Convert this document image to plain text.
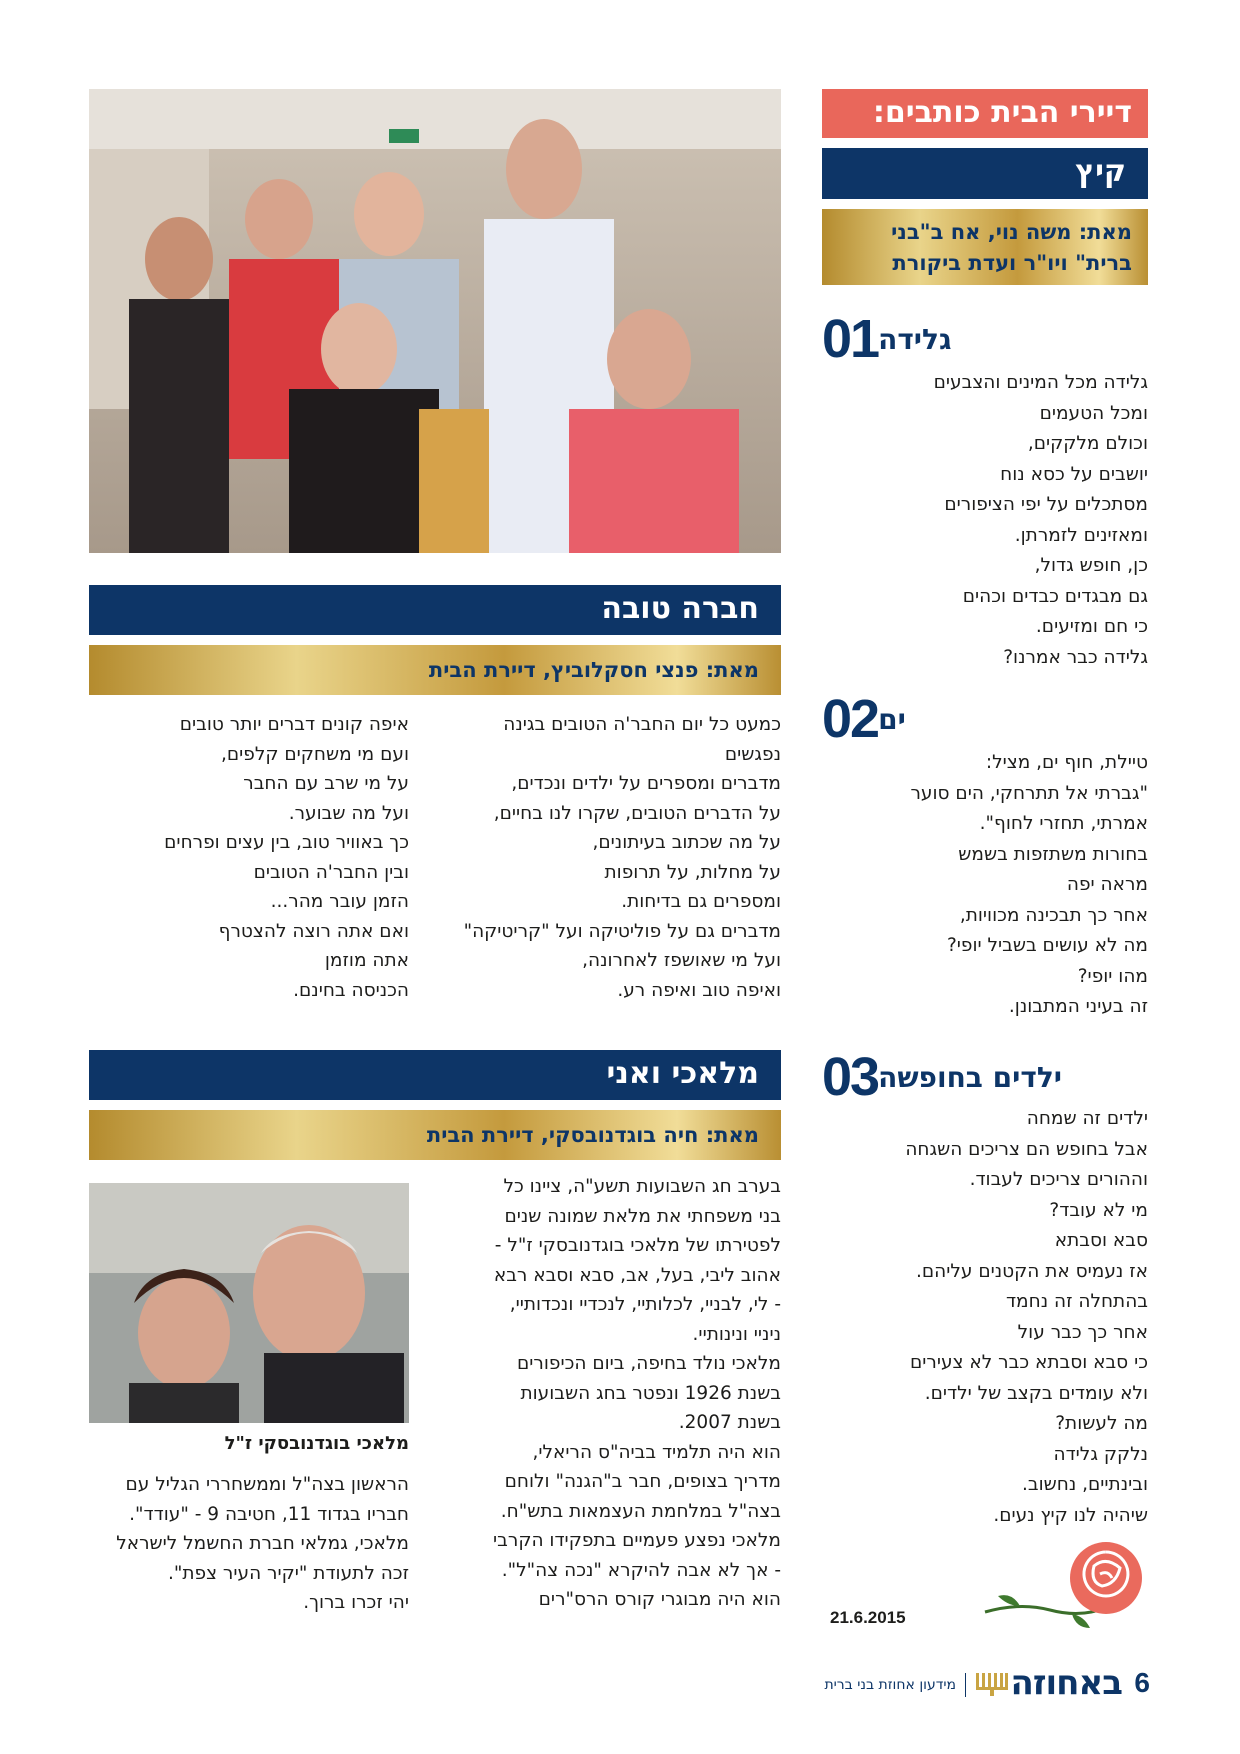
דיירי הבית כותבים:
קיץ
מאת: משה נוי, אח ב"בני ברית" ויו"ר ועדת ביקורת
01 גלידה
גלידה מכל המינים והצבעים
ומכל הטעמים
וכולם מלקקים,
יושבים על כסא נוח
מסתכלים על יפי הציפורים
ומאזינים לזמרתן.
כן, חופש גדול,
גם מבגדים כבדים וכהים
כי חם ומזיעים.
גלידה כבר אמרנו?
02 ים
טיילת, חוף ים, מציל:
"גברתי אל תתרחקי, הים סוער
אמרתי, תחזרי לחוף".
בחורות משתזפות בשמש
מראה יפה
אחר כך תבכינה מכוויות,
מה לא עושים בשביל יופי?
מהו יופי?
זה בעיני המתבונן.
03 ילדים בחופשה
ילדים זה שמחה
אבל בחופש הם צריכים השגחה
וההורים צריכים לעבוד.
מי לא עובד?
סבא וסבתא
אז נעמיס את הקטנים עליהם.
בהתחלה זה נחמד
אחר כך כבר עול
כי סבא וסבתא כבר לא צעירים
ולא עומדים בקצב של ילדים.
מה לעשות?
נלקק גלידה
ובינתיים, נחשוב.
שיהיה לנו קיץ נעים.
21.6.2015
חברה טובה
מאת: פנצי חסקלוביץ, דיירת הבית
כמעט כל יום החבר'ה הטובים בגינה
נפגשים
מדברים ומספרים על ילדים ונכדים,
על הדברים הטובים, שקרו לנו בחיים,
על מה שכתוב בעיתונים,
על מחלות, על תרופות
ומספרים גם בדיחות.
מדברים גם על פוליטיקה ועל "קריטיקה"
ועל מי שאושפז לאחרונה,
ואיפה טוב ואיפה רע.
איפה קונים דברים יותר טובים
ועם מי משחקים קלפים,
על מי שרב עם החבר
ועל מה שבוער.
כך באוויר טוב, בין עצים ופרחים
ובין החבר'ה הטובים
הזמן עובר מהר...
ואם אתה רוצה להצטרף
אתה מוזמן
הכניסה בחינם.
מלאכי ואני
מאת: חיה בוגדנובסקי, דיירת הבית
בערב חג השבועות תשע"ה, ציינו כל
בני משפחתי את מלאת שמונה שנים
לפטירתו של מלאכי בוגדנובסקי ז"ל -
אהוב ליבי, בעל, אב, סבא וסבא רבא
- לי, לבניי, לכלותיי, לנכדיי ונכדותיי,
ניניי ונינותיי.
מלאכי נולד בחיפה, ביום הכיפורים
בשנת 1926 ונפטר בחג השבועות
בשנת 2007.
הוא היה תלמיד בביה"ס הריאלי,
מדריך בצופים, חבר ב"הגנה" ולוחם
בצה"ל במלחמת העצמאות בתש"ח.
מלאכי נפצע פעמיים בתפקידו הקרבי
- אך לא אבה להיקרא "נכה צה"ל".
הוא היה מבוגרי קורס הרס"רים
מלאכי בוגדנובסקי ז"ל
הראשון בצה"ל וממשחררי הגליל עם
חבריו בגדוד 11, חטיבה 9 - "עודד".
מלאכי, גמלאי חברת החשמל לישראל
זכה לתעודת "יקיר העיר צפת".
יהי זכרו ברוך.
6
באחוזה
מידעון אחוזת בני ברית
